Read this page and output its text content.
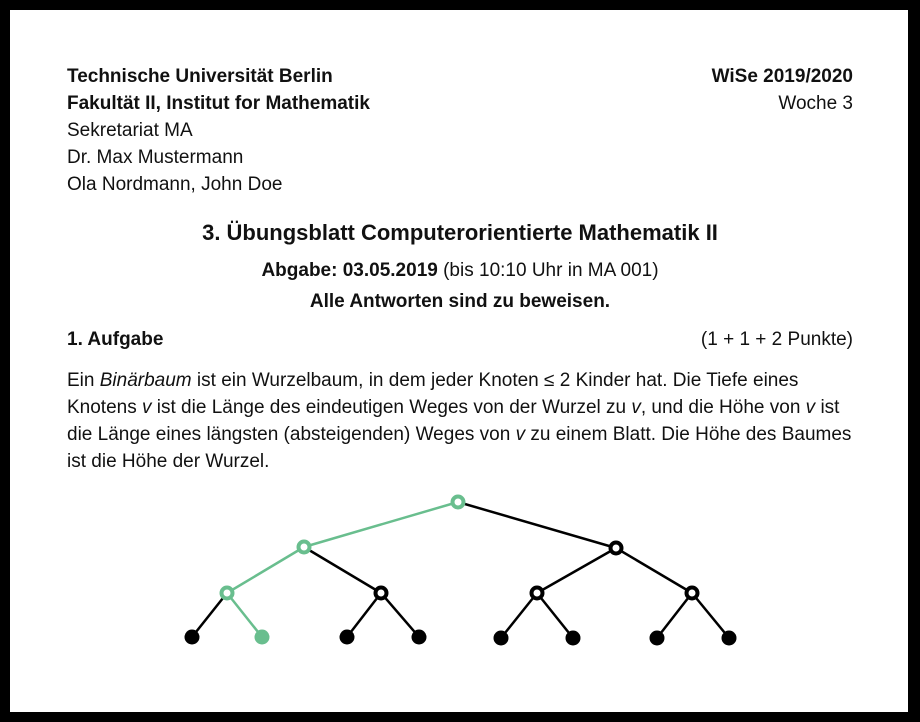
Technische Universität Berlin
Fakultät II, Institut for Mathematik
Sekretariat MA
Dr. Max Mustermann
Ola Nordmann, John Doe
WiSe 2019/2020
Woche 3
3. Übungsblatt Computerorientierte Mathematik II
Abgabe: 03.05.2019 (bis 10:10 Uhr in MA 001)
Alle Antworten sind zu beweisen.
1. Aufgabe	(1 + 1 + 2 Punkte)

Ein Binärbaum ist ein Wurzelbaum, in dem jeder Knoten ≤ 2 Kinder hat. Die Tiefe eines Knotens v ist die Länge des eindeutigen Weges von der Wurzel zu v, und die Höhe von v ist die Länge eines längsten (absteigenden) Weges von v zu einem Blatt. Die Höhe des Baumes ist die Höhe der Wurzel.
